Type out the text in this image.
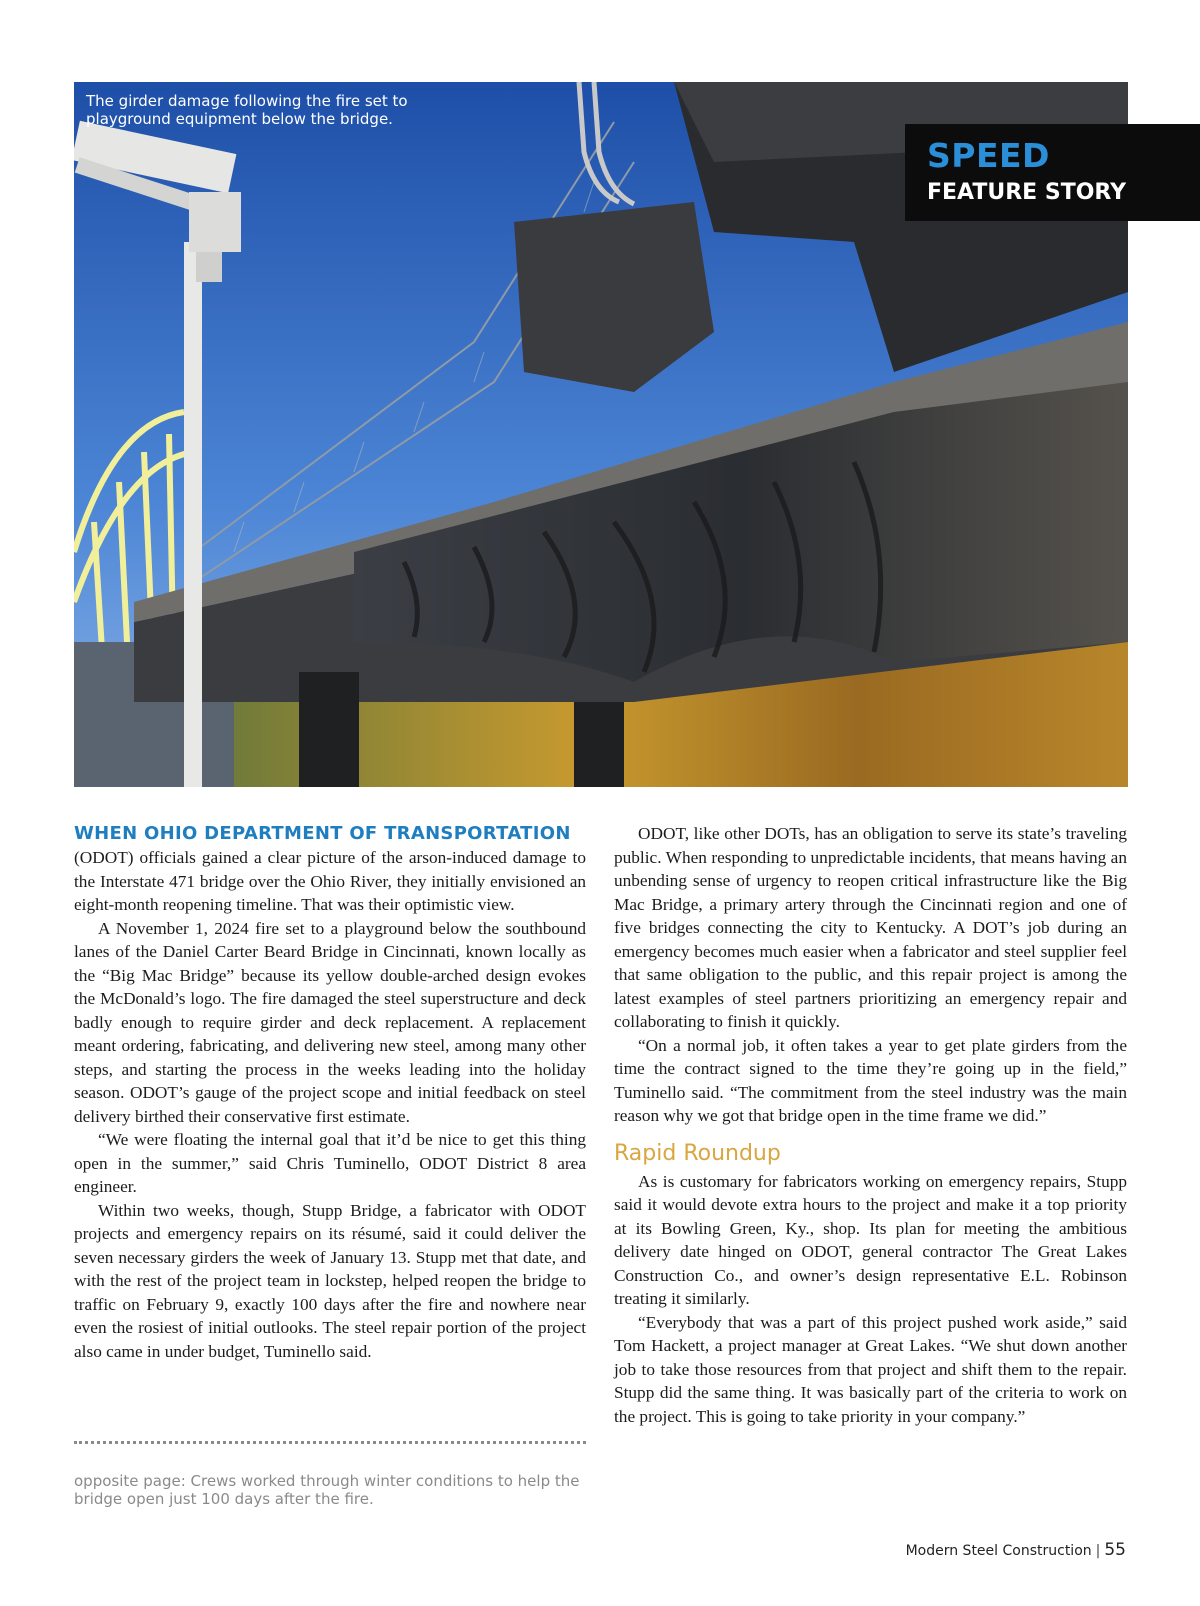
The girder damage following the fire set to playground equipment below the bridge.
SPEED
FEATURE STORY
WHEN OHIO DEPARTMENT OF TRANSPORTATION

(ODOT) officials gained a clear picture of the arson-induced damage to the Interstate 471 bridge over the Ohio River, they initially envisioned an eight-month reopening timeline. That was their optimistic view.

A November 1, 2024 fire set to a playground below the southbound lanes of the Daniel Carter Beard Bridge in Cincinnati, known locally as the “Big Mac Bridge” because its yellow double-arched design evokes the McDonald’s logo. The fire damaged the steel superstructure and deck badly enough to require girder and deck replacement. A replacement meant ordering, fabricating, and delivering new steel, among many other steps, and starting the process in the weeks leading into the holiday season. ODOT’s gauge of the project scope and initial feedback on steel delivery birthed their conservative first estimate.

“We were floating the internal goal that it’d be nice to get this thing open in the summer,” said Chris Tuminello, ODOT District 8 area engineer.

Within two weeks, though, Stupp Bridge, a fabricator with ODOT projects and emergency repairs on its résumé, said it could deliver the seven necessary girders the week of January 13. Stupp met that date, and with the rest of the project team in lockstep, helped reopen the bridge to traffic on February 9, exactly 100 days after the fire and nowhere near even the rosiest of initial outlooks. The steel repair portion of the project also came in under budget, Tuminello said.

opposite page: Crews worked through winter conditions to help the bridge open just 100 days after the fire.

ODOT, like other DOTs, has an obligation to serve its state’s traveling public. When responding to unpredictable incidents, that means having an unbending sense of urgency to reopen critical infrastructure like the Big Mac Bridge, a primary artery through the Cincinnati region and one of five bridges connecting the city to Kentucky. A DOT’s job during an emergency becomes much easier when a fabricator and steel supplier feel that same obligation to the public, and this repair project is among the latest examples of steel partners prioritizing an emergency repair and collaborating to finish it quickly.

“On a normal job, it often takes a year to get plate girders from the time the contract signed to the time they’re going up in the field,” Tuminello said. “The commitment from the steel industry was the main reason why we got that bridge open in the time frame we did.”

Rapid Roundup

As is customary for fabricators working on emergency repairs, Stupp said it would devote extra hours to the project and make it a top priority at its Bowling Green, Ky., shop. Its plan for meeting the ambitious delivery date hinged on ODOT, general contractor The Great Lakes Construction Co., and owner’s design representative E.L. Robinson treating it similarly.

“Everybody that was a part of this project pushed work aside,” said Tom Hackett, a project manager at Great Lakes. “We shut down another job to take those resources from that project and shift them to the repair. Stupp did the same thing. It was basically part of the criteria to work on the project. This is going to take priority in your company.”

Modern Steel Construction | 55
